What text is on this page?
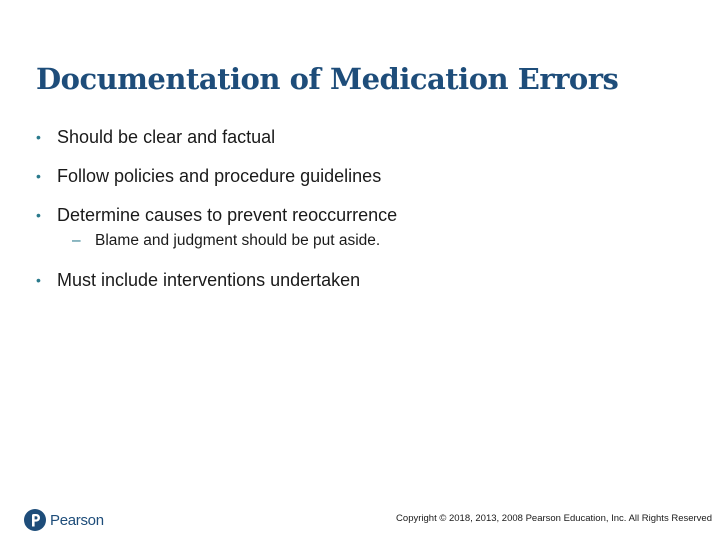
Documentation of Medication Errors
• Should be clear and factual
• Follow policies and procedure guidelines
• Determine causes to prevent reoccurrence
– Blame and judgment should be put aside.
• Must include interventions undertaken
Pearson	Copyright © 2018, 2013, 2008 Pearson Education, Inc. All Rights Reserved
